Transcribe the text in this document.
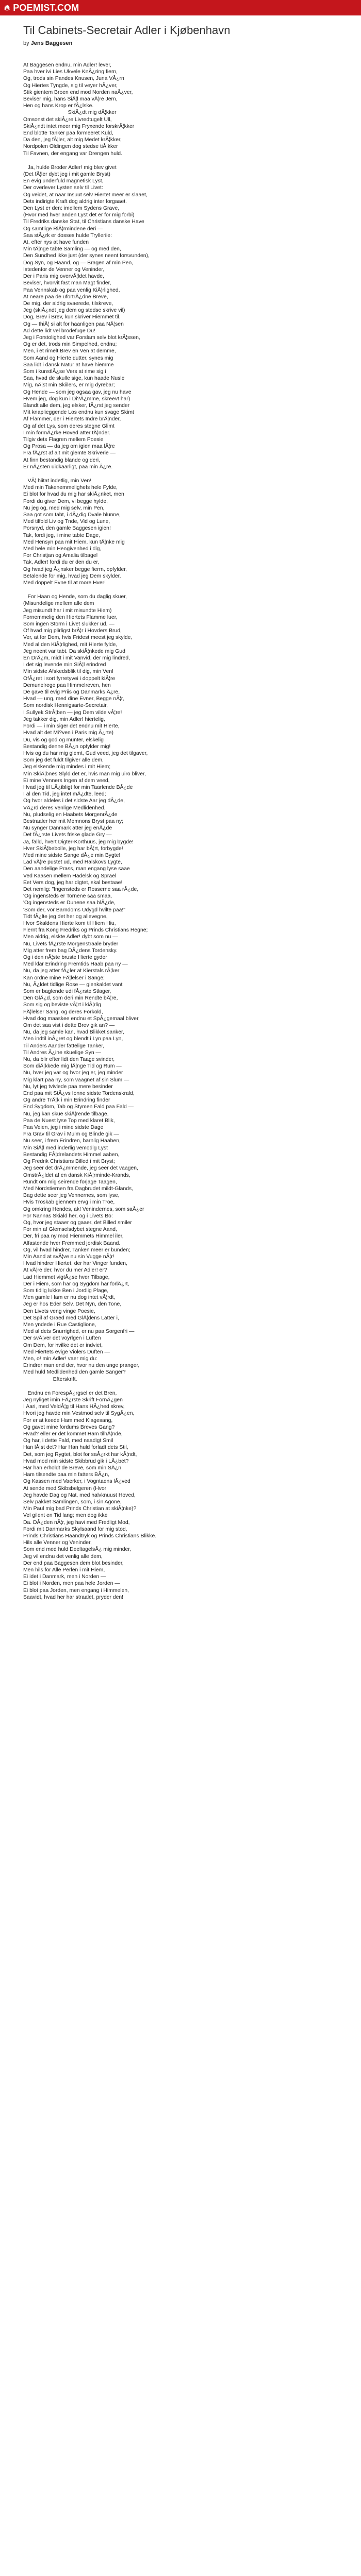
🔥︎ POEMIST.COM
Til Cabinets-Secretair Adler i Kjøbenhavn
by Jens Baggesen

At Baggesen endnu, min Adler! lever,
Paa hver ivi Lies Ukvele KnÂ¿ring fiern,
Og, trods sin Pandes Knusen, Juna VÂ¿rn
Og Hiertes Tyngde, sig til veyer hÂ¿ver,
Stik gientem Broen end mod Norden naÂ¿ver,
Beviser mig, hans SiÂ¦l maa vÂ¦re Jern,
Hen og hans Krop er fÂ¿lske.
SkiÂ¿dt mig dÂ¦kker
Omsonst det skiÂ¿re Livredtugelt Ull,
SkiÂ¿ndt intet meer mig Fryxende forskrÂ¦kker
End blotte Tanker paa formeeret Kuld,
Da den, jeg fÂ¦ler, alt mig Medet krÂ¦kker,
Nordpolen Oldingen dog stedse tiÂ¦kker
Til Favnen, der engang var Drengen huld.

Ja, hulde Broder Adler! mig blev givet
(Det fÂ¦ler dybt jeg i mit gamle Bryst)
En evig underfuld magnetisk Lyst,
Der overlever Lysten selv til Livet:
Og veidet, at naar Insuut selv Hiertet meer er slaaet,
Dets indirigte Kraft dog aldrig inter forgaaet.
Den Lyst er den: imellem Sydens Grave,
(Hvor med hver anden Lyst det er for mig forbi)
Til Fredriks danske Stat, til Christians danske Have
Og samtlige RiÂ¦rmindene deri —
Saa stÂ¿rk er dosses hulde Trylleriie:
At, efter nys at have funden
Min tÂ¦nge tabte Samling — og med den,
Den Sundhed ikke just (der synes neent forsvunden),
Dog Syn, og Haand, og — Bragen af min Pen,
Istedenfor de Venner og Veninder,
Der i Paris mig overvÂ¦ldet havde,
Beviser, hvorvit fast man Magt finder,
Paa Vennskab og paa venlig KiÂ¦rlighed,
At neare paa de ufortrÂ¿dne Breve,
De mig, der aldrig svaerede, tilskreve,
Jeg (skiÂ¿ndt jeg dem og stedse skrive vil)
Dog, Brev i Brev, kun skriver Hiemmet til.
Og — thiÂ¦ si alt for haanligen paa NÂ¦sen
Ad dette lidt vel brodefuge Du!
Jeg i Forstolighed var Forslam selv blot krÂ¦ssen,
Og er det, trods min Simpelhed, endnu;
Men, i et rimelt Brev en Ven at demme,
Som Aand og Hierte dutter, synes mig
Saa lidt i dansk Natur at have hiemme
Som i kunstlÂ¿se Vers at rime sig i
Saa, hvad de skulle sige, kun haade Nusle
Mig, nÂ¦st min Skiilers, er mig dyrebar;
Og Hende — som jeg ogsaa gav, jeg nu have
Hvem jeg, dog kun i Di?Â¿mme, skreevt har)
Blandt alle dem, jeg elsker, fÂ¿rst jeg sender
Mit knaplieggende Los endnu kun svage Skimt
Af Flammer, der i Hiertets Indre brÂ¦nder,
Og af det Lys, som deres stegne Glimt
I min formÂ¿rke Hoved atter tÂ¦nder.
Tilgiv dets Flagren mellem Poesie
Og Prosa — da jeg om igien maa lÂ¦re
Fra fÂ¿rst af alt mit glemte Skriverie —
At finn bestandig blande og deri,
Er nÂ¿sten uidkaarligt, paa min Â¿re.

VÂ¦ hiitat indetlig, min Ven!
Med min Takenemmelighefs hele Fylde,
Ei blot for hvad du mig har skiÂ¿nket, men
Fordi du giver Dem, vi begge hylde,
Nu jeg og, med mig selv, min Pen,
Saa got som tabt, i dÂ¿dig Dvale blunne,
Med tilfold Liv og Tnde, Vid og Lune,
Porsnyd, den gamle Baggesen igien!
Tak, fordi jeg, i mine tabte Dage,
Med Hensyn paa mit Hiem, kun tÂ¦nke mig
Med hele min Hengivenhed i dig,
For Christjan og Amalia tilbage!
Tak, Adler! fordi du er den du er,
Og hvad jeg Â¿nsker begge fierrn, opfylder,
Betalende for mig, hvad jeg Dem skylder,
Med doppelt Evne til at more Hver!

For Haan og Hende, som du daglig skuer,
(Misundelige mellem alle dem
Jeg misundt har i mit misundte Hiem)
Fornemmelig den Hiertets Flamme luer,
Som ingen Storm i Livet slukker ud. —
Of hvad mig plirligst brÂ¦r i Hovders Brud,
Ver, at for Dem, hvis Fridest meest jeg skylde,
Med al den KiÂ¦rlighed, mit Hierte fylde,
Jeg neent var tabt. Da skiÂ¦nkede mig Gud
En DrÂ¿m, midt i mit Vanvid, der mig lindred,
I det sig levende min SiÂ¦l erindred
Min sidste Afskedsblik til dig, min Ven!
OfÂ¿ret i sort fyrretyvei i doppelt kiÂ¦re
Demunelrege paa Himmelreven, hen
De gave til evig Priis og Danmarks Â¿re,
Hvad — ung, med dine Evner, Begge nÂ¦r,
Som nordisk Hennigsarte-Secretair,
I Sullyek StrÂ¦ben — jeg Dem vilde vÂ¦re!
Jeg takker dig, min Adler! hiertelig,
Fordi — i min siger det endnu mit Hierte,
Hvad alt det Mi?ven i Paris mig Â¿rte)
Du, vis og god og munter, elskelig
Bestandig denne BÂ¿n opfylder mig!
Hvis og du har mig glemt, Gud veed, jeg det tilgaver,
Som jeg det fuldt tilgiver alle dem,
Jeg elskende mig mindes i mit Hiem;
Min SkiÂ¦bnes Slyld det er, hvis man mig uiro bliver,
Ei mine Venners Ingen af dem veed,
Hvad jeg til LÂ¿ibligt for min Taarlende BÂ¿de
I al den Tid, jeg intet mÂ¿dte, leed;
Og hvor aldeles i det sidste Aar jeg dÂ¿de,
VÂ¿rd deres venlige Medlidenhed.
Nu, pludselig en Haabets MorgenrÂ¿de
Bestraaler her mit Memnons Bryst paa ny;
Nu synger Danmark atter jeg enÂ¿de
Det fÂ¿rste Livets friske glade Gry —
Ja, falld, hvert Digter-Korthuus, jeg mig bygde!
Hver SkiÂ¦bebolle, jeg har bÂ¦rt, forbygde!
Med mine sidste Sange dÂ¿e min Bygte!
Lad vÂ¦re pustet ud, med Halskovs Lygte,
Den aandelige Prass, man engang lyse saae
Ved Kaasen mellem Hadelsk og Sprael
Eet Vers dog, jeg har digtet, skal bestaae!
Det nemlig: "Ingensteds er Rosserne saa rÂ¿de,
'Og ingensteds er Tornene saa smaa,
'Og ingensteds er Dunene saa blÂ¿de,
'Som der, vor Barndoms Udygd hvilte paa!"
Tidt fÂ¿lte jeg det her og allevegne,
Hvor Skaldens Hierte kom til Hiem Hiu,
Fiernt fra Kong Fredriks og Prinds Christians Hegne;
Men aldrig, elskte Adler! dybt som nu —
Nu, Livets fÂ¿rste Morgenstraale bryder
Mig atter frem bag DÂ¿dens Tordensky.
Og i den nÂ¦ste bruste Hierte gyder
Med klar Erindring Fremtids Haab paa ny —
Nu, da jeg atter fÂ¿ler at Kierstals rÂ¦ker
Kan ordne mine FÂ¦lelser i Sange;
Nu, Â¿ldet tidlige Rose — gienkaldet vant
Som er baglende udi fÂ¿rste Stlager,
Den GlÂ¿d, som deri min Rendte bÂ¦re,
Som sig og beviste vÂ¦rt i kiÂ¦rlig
FÂ¦lelser Sang, og deres Forkold,
Hvad dog maaskee endnu et SpÂ¿gemaal bliver,
Om det saa vist i dette Brev gik an? —
Nu, da jeg samle kan, hvad Blikket sanker,
Men indtil inÂ¿ret og blendt i Lyn paa Lyn,
Til Anders Aander fattelige Tanker,
Til Andres Â¿ine skuelige Syn —
Nu, da blir efter lidt den Taage svinder,
Som diÂ¦kkede mig lÂ¦nge Tid og Rum —
Nu, hver jeg var og hvor jeg er, jeg minder
Mig klart paa ny, som vaagnet af sin Slum —
Nu, lyt jeg tvivlede paa mere besinder
End paa mit StÂ¿vs Ionne sidste Tordenskrald,
Og andre TrÂ¦k i min Erindring finder
End Sygdom, Tab og Stymen Fald paa Fald —
Nu, jeg kan skue skiÂ¦rende tilbage,
Paa de Nuest lyse Top med klaret Blik,
Paa Veien, jeg i mine sidste Dage
Fra Grav til Grav i Mulm og Blinde gik —
Nu seer, i frem Erindren, barnlig Haaben,
Min SiÂ¦l med inderlig vemodig Lyst
Bestandig FÂ¦drelandets Himmel aaben,
Og Fredrik Christians Billed i mit Bryst;
Jeg seer det drÂ¿mmende, jeg seer det vaagen,
OmstrÂ¿ldet af en dansk KiÂ¦rminde-Krands,
Rundt om mig seirende forjage Taagen,
Med Nordstiernen fra Dagbrudet mildt-Glands,
Bag dette seer jeg Vennernes, som lyse,
Hvis Troskab giennem ervg i min Troe,
Og omkring Hendes, ak! Venindernes, som saÂ¿er
For Nannas Skiald her, og i Livets Bo:
Og, hvor jeg staaer og gaaer, det Billed smiler
For min af Glemselsdybet stegne Aand,
Der, fri paa ny mod Hiemmets Himmel iler,
Alfastende hver Fremmed jordisk Baand.
Og, vil hvad hindrer, Tanken meer er bunden;
Min Aand at svÂ¦ve nu sin Vugge nÂ¦r!
Hvad hindrer Hiertet, der har Vinger funden,
At vÂ¦re der, hvor du mer Adler! er?
Lad Hiemmet vigtÂ¿se hver Tilbage,
Der i Hiem, som har og Sygdom har forlÂ¿rt,
Som tidlig lukke Ben i Jordlig Plage,
Men gamle Ham er nu dog intet vÂ¦rdt,
Jeg er hos Eder Selv. Det Nyn, den Tone,
Den Livets veng vinge Poesie,
Det Spil af Graed med GlÂ¦dens Latter i,
Men yndede i Rue Castiglione,
Med al dets Snurrighed, er nu paa Sorgenfri —
Der svÂ¦ver det voyrlgen i Luften
Om Dem, for hvilke det er indviet,
Med Hiertets evige Violers Duften —
Men, o! min Adler! vaer mig du:
Erindrer man end der, hvor nu den unge pranger,
Med huld Medlidenhed den gamle Sanger?
Efterskrift.

Endnu en ForespÂ¿rgsel er det Bren,
Jeg nyliget imin FÂ¿rste Skrift FornÂ¿gen
I Aari, med VeldÂ¦g til Hans HÂ¿hed skrev,
Hvori jeg havde min Vestmod selv til SygÂ¿en,
For er at keede Ham med Klagesang,
Og gavet mine fordums Breves Gang?
Hvad? eller er det kommet Ham tilhÂ¦nde,
Og har, i dette Fald, med naadigt Smil
Han lÂ¦st det? Har Han huld forladt dets Stil,
Det, som jeg Rygtet, blot for saÂ¿rkt har kÂ¦ndt,
Hvad mod min sidste Skibbrud gik i LÂ¿bet?
Har han erholdt de Breve, som min SÂ¿n
Ham tilsendte paa min fatters BÂ¿n,
Og Kassen med Vaerker, i Vogntaens lÂ¿ved
At sende med Skibsbelgeren (Hvor
Jeg havde Dag og Nat, med halvknuust Hoved,
Selv pakket Samlingen, som, i sin Agone,
Min Paul mig bad Prinds Christian at skiÂ¦nke)?
Vel gilent en Tid lang; men dog ikke
Da. DÂ¿den nÂ¦r, jeg havi med Fredligt Mod,
Fordi mit Danmarks Skylsaand for mig stod,
Prinds Christians Haandtryk og Prinds Christians Blikke.
Hils alle Venner og Veninder,
Som end med huld DeeltagelsÂ¿ mig minder,
Jeg vil endnu det venlig alle dem,
Der end paa Baggesen dem blot besinder,
Men hils for Alle Perlen i mit Hiem,
Ei idet i Danmark, men i Norden —
Ei blot i Norden, men paa hele Jorden —
Ei blot paa Jorden, men engang i Himmelen,
Saavidt, hvad her har straalet, pryder den!
